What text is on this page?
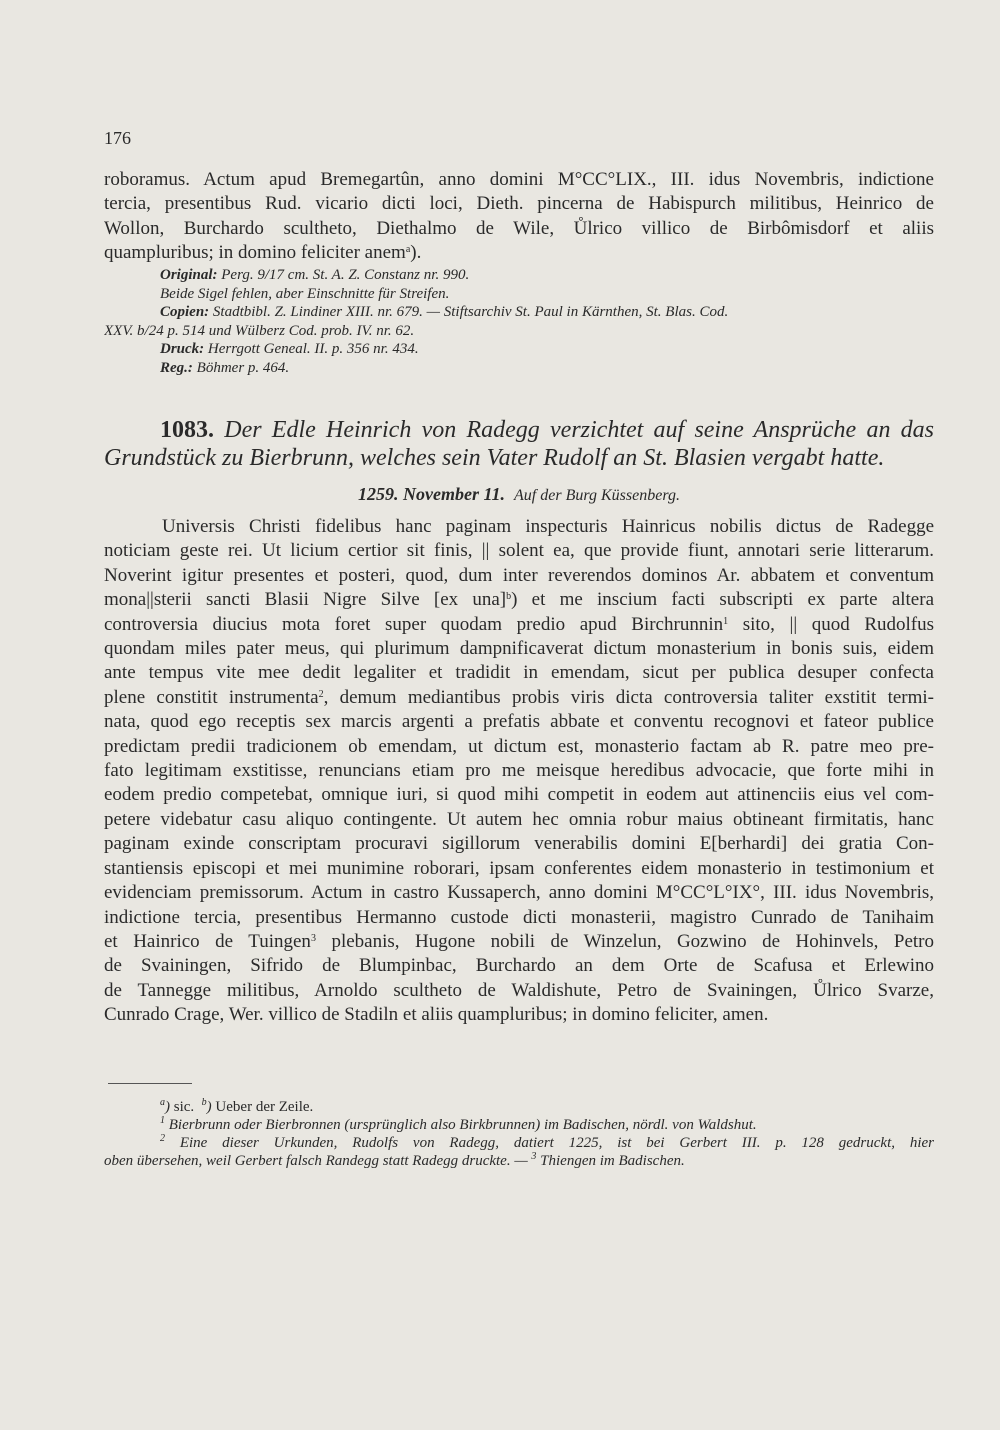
176
roboramus. Actum apud Bremegartûn, anno domini M°CC°LIX., III. idus Novembris, indictione
tercia, presentibus Rud. vicario dicti loci, Dieth. pincerna de Habispurch militibus, Heinrico de
Wollon, Burchardo scultheto, Diethalmo de Wile, Ůlrico villico de Birbômisdorf et aliis
quampluribus; in domino feliciter anem$^a$).
Original: Perg. 9/17 cm. St. A. Z. Constanz nr. 990.
Beide Sigel fehlen, aber Einschnitte für Streifen.
Copien: Stadtbibl. Z. Lindiner XIII. nr. 679. — Stiftsarchiv St. Paul in Kärnthen, St. Blas. Cod.
XXV. b/24 p. 514 und Wülberz Cod. prob. IV. nr. 62.
Druck: Herrgott Geneal. II. p. 356 nr. 434.
Reg.: Böhmer p. 464.
1083. Der Edle Heinrich von Radegg verzichtet auf seine Ansprüche an das
Grundstück zu Bierbrunn, welches sein Vater Rudolf an St. Blasien vergabt hatte.
1259. November 11. Auf der Burg Küssenberg.
Universis Christi fidelibus hanc paginam inspecturis Hainricus nobilis dictus de Radegge
noticiam geste rei. Ut licium certior sit finis, || solent ea, que provide fiunt, annotari serie litterarum.
Noverint igitur presentes et posteri, quod, dum inter reverendos dominos Ar. abbatem et conventum
mona||sterii sancti Blasii Nigre Silve [ex una]$^b$) et me inscium facti subscripti ex parte altera
controversia diucius mota foret super quodam predio apud Birchrunnin$^1$ sito, || quod Rudolfus
quondam miles pater meus, qui plurimum dampnificaverat dictum monasterium in bonis suis, eidem
ante tempus vite mee dedit legaliter et tradidit in emendam, sicut per publica desuper confecta
plene constitit instrumenta$^2$, demum mediantibus probis viris dicta controversia taliter exstitit termi-
nata, quod ego receptis sex marcis argenti a prefatis abbate et conventu recognovi et fateor publice
predictam predii tradicionem ob emendam, ut dictum est, monasterio factam ab R. patre meo pre-
fato legitimam exstitisse, renuncians etiam pro me meisque heredibus advocacie, que forte mihi in
eodem predio competebat, omnique iuri, si quod mihi competit in eodem aut attinenciis eius vel com-
petere videbatur casu aliquo contingente. Ut autem hec omnia robur maius obtineant firmitatis, hanc
paginam exinde conscriptam procuravi sigillorum venerabilis domini E[berhardi] dei gratia Con-
stantiensis episcopi et mei munimine roborari, ipsam conferentes eidem monasterio in testimonium et
evidenciam premissorum. Actum in castro Kussaperch, anno domini M°CC°L°IX°, III. idus Novembris,
indictione tercia, presentibus Hermanno custode dicti monasterii, magistro Cunrado de Tanihaim
et Hainrico de Tuingen$^3$ plebanis, Hugone nobili de Winzelun, Gozwino de Hohinvels, Petro
de Svainingen, Sifrido de Blumpinbac, Burchardo an dem Orte de Scafusa et Erlewino
de Tannegge militibus, Arnoldo scultheto de Waldishute, Petro de Svainingen, Ůlrico Svarze,
Cunrado Crage, Wer. villico de Stadiln et aliis quampluribus; in domino feliciter, amen.
$^a$) sic. $^b$) Ueber der Zeile.
$^1$ Bierbrunn oder Bierbronnen (ursprünglich also Birkbrunnen) im Badischen, nördl. von Waldshut.
$^2$ Eine dieser Urkunden, Rudolfs von Radegg, datiert 1225, ist bei Gerbert III. p. 128 gedruckt, hier
oben übersehen, weil Gerbert falsch Randegg statt Radegg druckte. — $^3$ Thiengen im Badischen.
